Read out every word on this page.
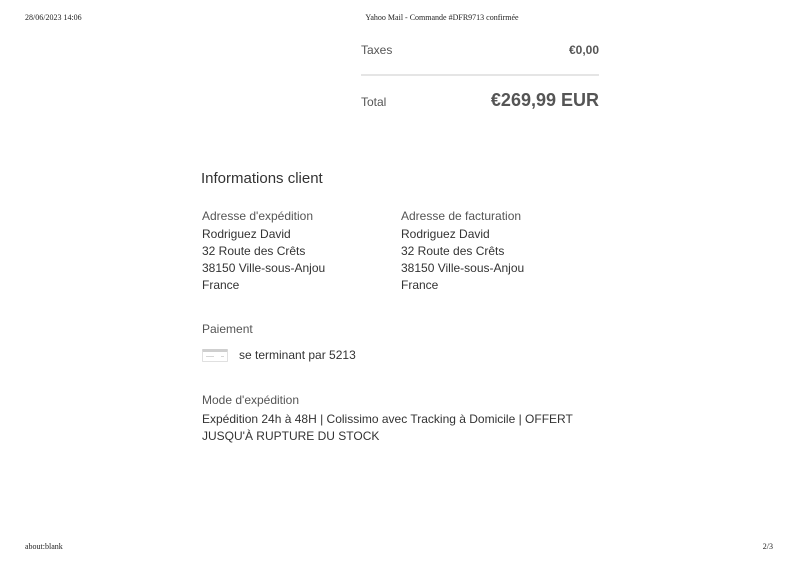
28/06/2023 14:06	Yahoo Mail - Commande #DFR9713 confirmée
Taxes	€0,00
Total	€269,99 EUR
Informations client
Adresse d'expédition
Rodriguez David
32 Route des Crêts
38150 Ville-sous-Anjou
France
Adresse de facturation
Rodriguez David
32 Route des Crêts
38150 Ville-sous-Anjou
France
Paiement
se terminant par 5213
Mode d'expédition
Expédition 24h à 48H | Colissimo avec Tracking à Domicile | OFFERT JUSQU'À RUPTURE DU STOCK
about:blank	2/3
